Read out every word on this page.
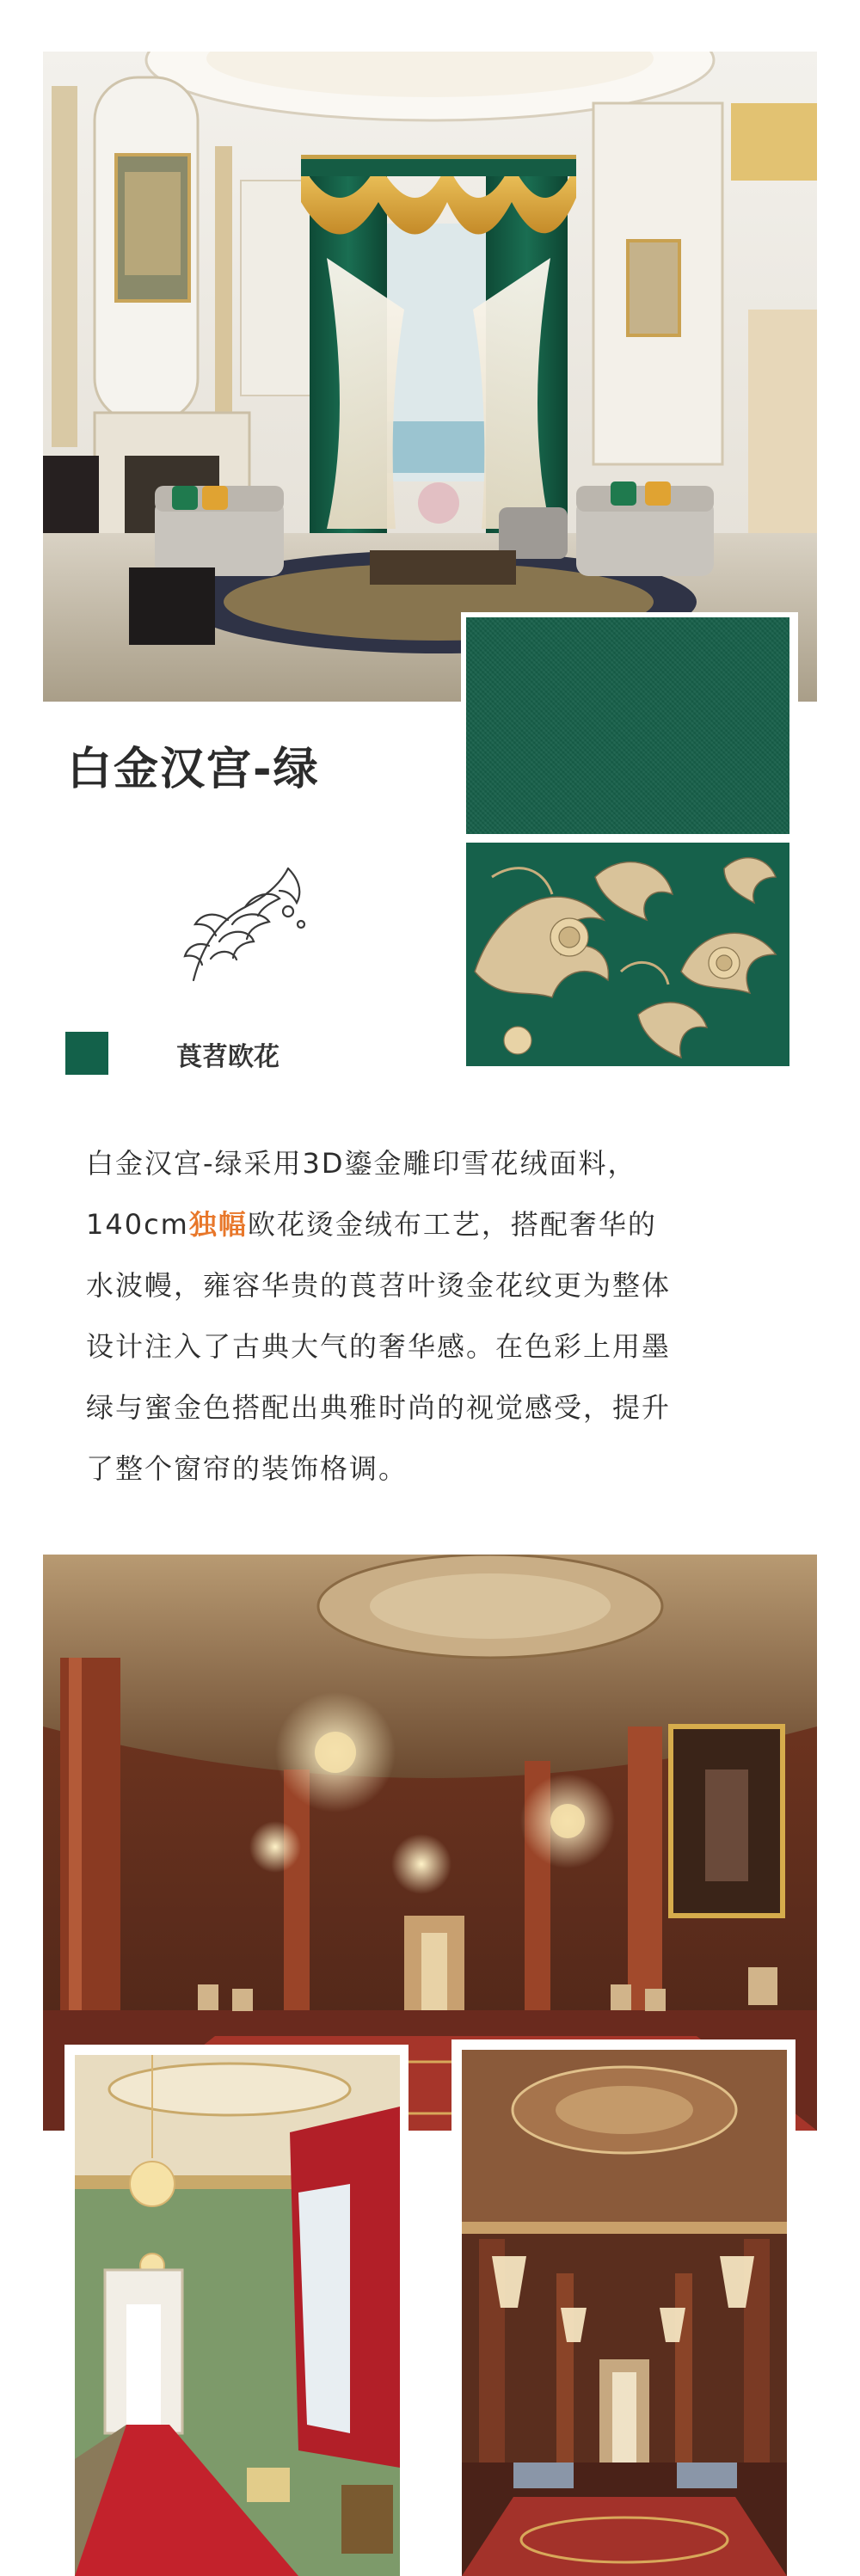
白金汉宫-绿
莨苕欧花
白金汉宫-绿采用3D鎏金雕印雪花绒面料，
140cm独幅欧花烫金绒布工艺，搭配奢华的
水波幔，雍容华贵的莨苕叶烫金花纹更为整体
设计注入了古典大气的奢华感。在色彩上用墨
绿与蜜金色搭配出典雅时尚的视觉感受，提升
了整个窗帘的装饰格调。
